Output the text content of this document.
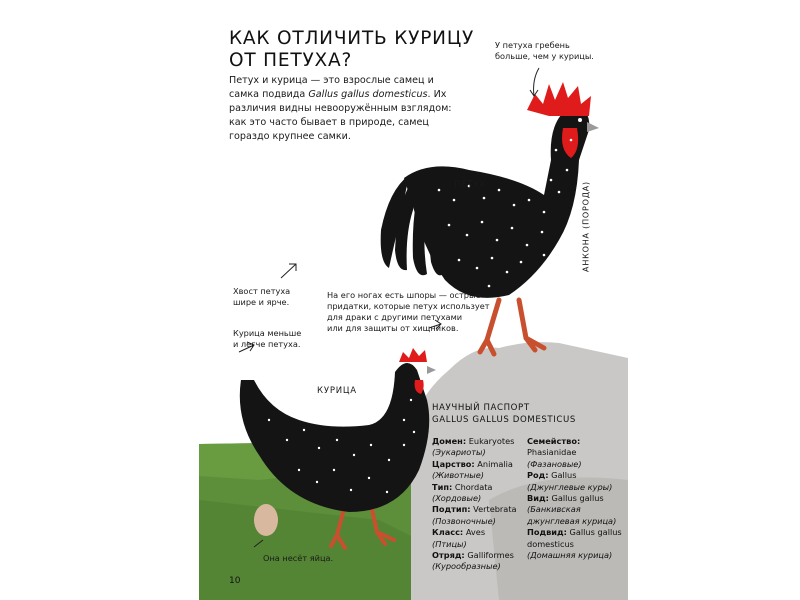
КАК ОТЛИЧИТЬ КУРИЦУ
ОТ ПЕТУХА?

Петух и курица — это взрослые самец и самка подвида Gallus gallus domesticus. Их различия видны невооружённым взглядом: как это часто бывает в природе, самец гораздо крупнее самки.

У петуха гребень
больше, чем у курицы.

Хвост петуха
шире и ярче.

Курица меньше
и легче петуха.

На его ногах есть шпоры — острые
придатки, которые петух использует
для драки с другими петухами
или для защиты от хищников.

Она несёт яйца.

ПЕТУХ

КУРИЦА

АНКОНА (ПОРОДА)

НАУЧНЫЙ ПАСПОРТ

GALLUS GALLUS DOMESTICUS

Домен: Eukaryotes
(Эукариоты)

Царство: Animalia
(Животные)

Тип: Chordata
(Хордовые)

Подтип: Vertebrata
(Позвоночные)

Класс: Aves
(Птицы)

Отряд: Galliformes
(Курообразные)

Семейство:
Phasianidae
(Фазановые)

Род: Gallus
(Джунглевые куры)

Вид: Gallus gallus
(Банкивская джунглевая курица)

Подвид: Gallus gallus domesticus
(Домашняя курица)

10
